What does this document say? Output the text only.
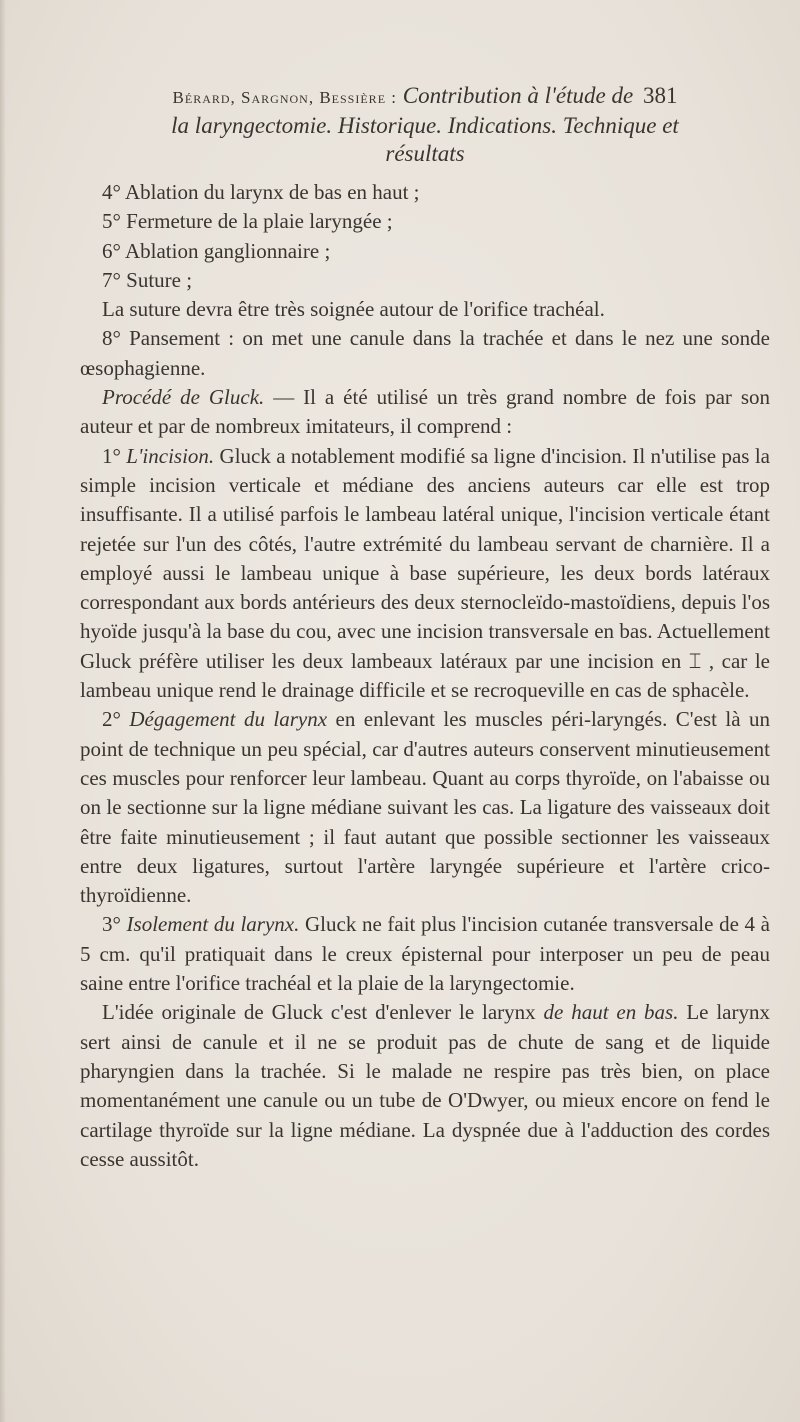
Bérard, Sargnon, Bessière : Contribution à l'étude de 381
la laryngectomie. Historique. Indications. Technique et
résultats

4° Ablation du larynx de bas en haut ;

5° Fermeture de la plaie laryngée ;

6° Ablation ganglionnaire ;

7° Suture ;

La suture devra être très soignée autour de l'orifice trachéal.

8° Pansement : on met une canule dans la trachée et dans le nez une sonde œsophagienne.

Procédé de Gluck. — Il a été utilisé un très grand nombre de fois par son auteur et par de nombreux imitateurs, il comprend :

1° L'incision. Gluck a notablement modifié sa ligne d'incision. Il n'utilise pas la simple incision verticale et médiane des anciens auteurs car elle est trop insuffisante. Il a utilisé parfois le lambeau latéral unique, l'incision verticale étant rejetée sur l'un des côtés, l'autre extrémité du lambeau servant de charnière. Il a employé aussi le lambeau unique à base supérieure, les deux bords latéraux correspondant aux bords antérieurs des deux sternocleïdo-mastoïdiens, depuis l'os hyoïde jusqu'à la base du cou, avec une incision transversale en bas. Actuellement Gluck préfère utiliser les deux lambeaux latéraux par une incision en ⌶ , car le lambeau unique rend le drainage difficile et se recroqueville en cas de sphacèle.

2° Dégagement du larynx en enlevant les muscles péri-laryngés. C'est là un point de technique un peu spécial, car d'autres auteurs conservent minutieusement ces muscles pour renforcer leur lambeau. Quant au corps thyroïde, on l'abaisse ou on le sectionne sur la ligne médiane suivant les cas. La ligature des vaisseaux doit être faite minutieusement ; il faut autant que possible sectionner les vaisseaux entre deux ligatures, surtout l'artère laryngée supérieure et l'artère crico-thyroïdienne.

3° Isolement du larynx. Gluck ne fait plus l'incision cutanée transversale de 4 à 5 cm. qu'il pratiquait dans le creux épisternal pour interposer un peu de peau saine entre l'orifice trachéal et la plaie de la laryngectomie.

L'idée originale de Gluck c'est d'enlever le larynx de haut en bas. Le larynx sert ainsi de canule et il ne se produit pas de chute de sang et de liquide pharyngien dans la trachée. Si le malade ne respire pas très bien, on place momentanément une canule ou un tube de O'Dwyer, ou mieux encore on fend le cartilage thyroïde sur la ligne médiane. La dyspnée due à l'adduction des cordes cesse aussitôt.
